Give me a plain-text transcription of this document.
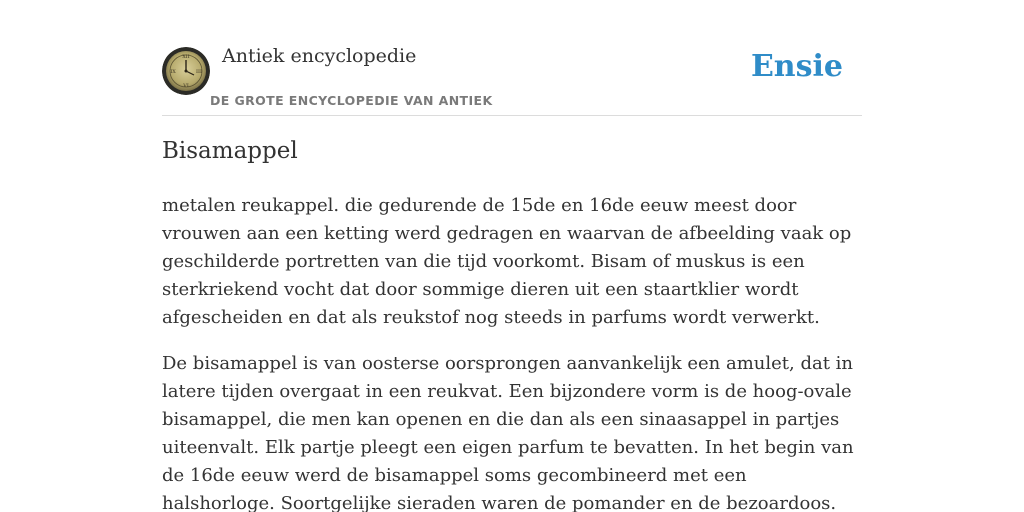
XII
III
VI
IX
Antiek encyclopedie
DE GROTE ENCYCLOPEDIE VAN ANTIEK
Ensie
Bisamappel

metalen reukappel. die gedurende de 15de en 16de eeuw meest door vrouwen aan een ketting werd gedragen en waarvan de afbeelding vaak op geschilderde portretten van die tijd voorkomt. Bisam of muskus is een sterkriekend vocht dat door sommige dieren uit een staartklier wordt afgescheiden en dat als reukstof nog steeds in parfums wordt verwerkt.

De bisamappel is van oosterse oorsprongen aanvankelijk een amulet, dat in latere tijden overgaat in een reukvat. Een bijzondere vorm is de hoog-ovale bisamappel, die men kan openen en die dan als een sinaasappel in partjes uiteenvalt. Elk partje pleegt een eigen parfum te bevatten. In het begin van de 16de eeuw werd de bisamappel soms gecombineerd met een halshorloge. Soortgelijke sieraden waren de pomander en de bezoardoos.
